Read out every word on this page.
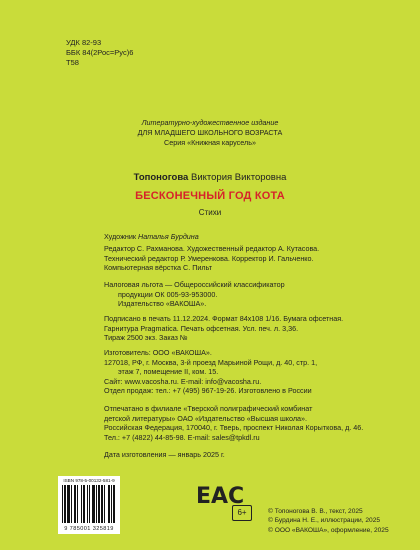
УДК 82-93
ББК 84(2Рос=Рус)6
Т58
Литературно-художественное издание
ДЛЯ МЛАДШЕГО ШКОЛЬНОГО ВОЗРАСТА
Серия «Книжная карусель»
Топоногова Виктория Викторовна
БЕСКОНЕЧНЫЙ ГОД КОТА
Стихи
Художник Наталья Бурдина
Редактор С. Рахманова. Художественный редактор А. Кутасова.
Технический редактор Р. Умеренкова. Корректор И. Гальченко.
Компьютерная вёрстка С. Пильт
Налоговая льгота — Общероссийский классификатор
продукции ОК 005-93-953000.
Издательство «ВАКОША».
Подписано в печать 11.12.2024. Формат 84х108 1/16. Бумага офсетная.
Гарнитура Pragmatica. Печать офсетная. Усл. печ. л. 3,36.
Тираж 2500 экз. Заказ №
Изготовитель: ООО «ВАКОША».
127018, РФ, г. Москва, 3-й проезд Марьиной Рощи, д. 40, стр. 1,
этаж 7, помещение II, ком. 15.
Сайт: www.vacosha.ru. E-mail: info@vacosha.ru.
Отдел продаж: тел.: +7 (495) 967-19-26. Изготовлено в России
Отпечатано в филиале «Тверской полиграфический комбинат
детской литературы» ОАО «Издательство «Высшая школа».
Российская Федерация, 170040, г. Тверь, проспект Николая Корыткова, д. 46.
Тел.: +7 (4822) 44-85-98. E-mail: sales@tpkdl.ru
Дата изготовления — январь 2025 г.
ISBN 978-5-00132-581-9
9 785001 325819
EAC
6+	© Топоногова В. В., текст, 2025
© Бурдина Н. Е., иллюстрации, 2025
© ООО «ВАКОША», оформление, 2025
